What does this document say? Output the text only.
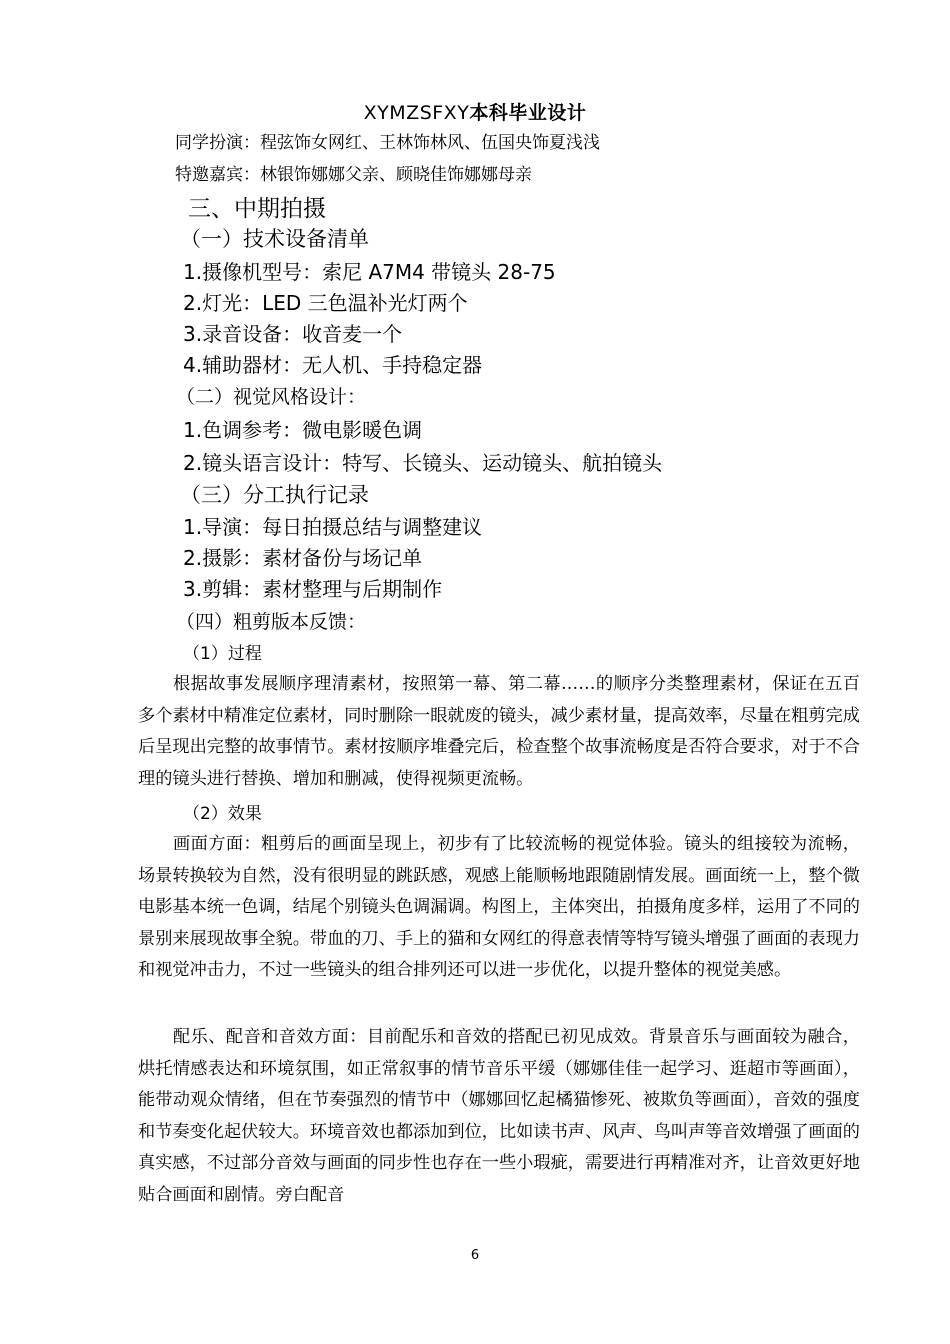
XYMZSFXY本科毕业设计
同学扮演：程弦饰女网红、王林饰林风、伍国央饰夏浅浅
特邀嘉宾：林银饰娜娜父亲、顾晓佳饰娜娜母亲
三、中期拍摄
（一）技术设备清单
1.摄像机型号：索尼 A7M4 带镜头 28-75
2.灯光：LED 三色温补光灯两个
3.录音设备：收音麦一个
4.辅助器材：无人机、手持稳定器
（二）视觉风格设计：
1.色调参考：微电影暖色调
2.镜头语言设计：特写、长镜头、运动镜头、航拍镜头
（三）分工执行记录
1.导演：每日拍摄总结与调整建议
2.摄影：素材备份与场记单
3.剪辑：素材整理与后期制作
（四）粗剪版本反馈：
（1）过程
根据故事发展顺序理清素材，按照第一幕、第二幕……的顺序分类整理素材，保证在五百多个素材中精准定位素材，同时删除一眼就废的镜头，减少素材量，提高效率，尽量在粗剪完成后呈现出完整的故事情节。素材按顺序堆叠完后，检查整个故事流畅度是否符合要求，对于不合理的镜头进行替换、增加和删减，使得视频更流畅。
（2）效果
画面方面：粗剪后的画面呈现上，初步有了比较流畅的视觉体验。镜头的组接较为流畅，场景转换较为自然，没有很明显的跳跃感，观感上能顺畅地跟随剧情发展。画面统一上，整个微电影基本统一色调，结尾个别镜头色调漏调。构图上，主体突出，拍摄角度多样，运用了不同的景别来展现故事全貌。带血的刀、手上的猫和女网红的得意表情等特写镜头增强了画面的表现力和视觉冲击力，不过一些镜头的组合排列还可以进一步优化，以提升整体的视觉美感。
配乐、配音和音效方面：目前配乐和音效的搭配已初见成效。背景音乐与画面较为融合，烘托情感表达和环境氛围，如正常叙事的情节音乐平缓（娜娜佳佳一起学习、逛超市等画面），能带动观众情绪，但在节奏强烈的情节中（娜娜回忆起橘猫惨死、被欺负等画面），音效的强度和节奏变化起伏较大。环境音效也都添加到位，比如读书声、风声、鸟叫声等音效增强了画面的真实感，不过部分音效与画面的同步性也存在一些小瑕疵，需要进行再精准对齐，让音效更好地贴合画面和剧情。旁白配音
6
